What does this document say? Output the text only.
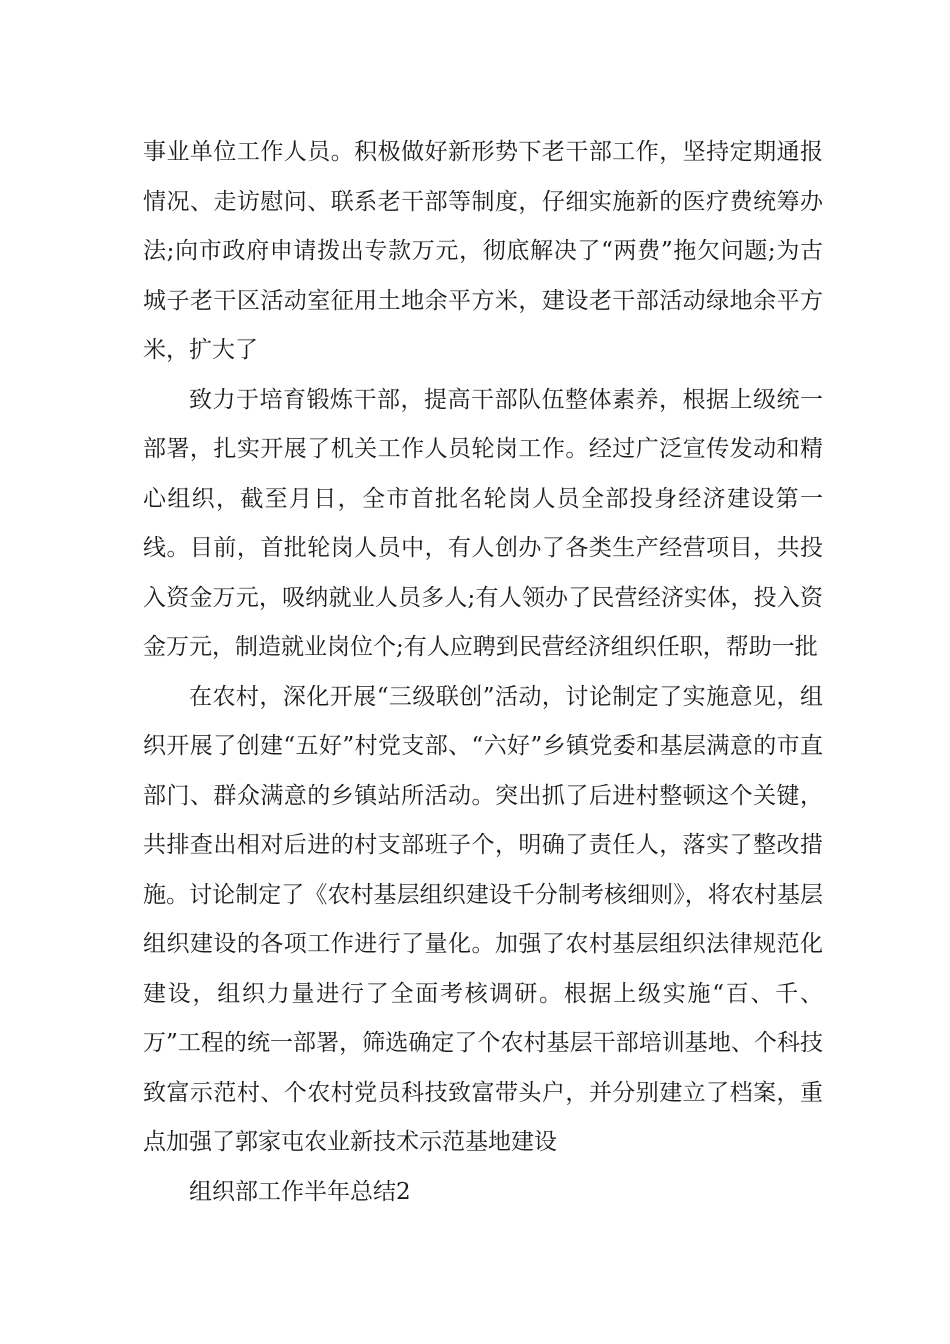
事业单位工作人员。积极做好新形势下老干部工作，坚持定期通报情况、走访慰问、联系老干部等制度，仔细实施新的医疗费统筹办法;向市政府申请拨出专款万元，彻底解决了“两费”拖欠问题;为古城子老干区活动室征用土地余平方米，建设老干部活动绿地余平方米，扩大了

致力于培育锻炼干部，提高干部队伍整体素养，根据上级统一部署，扎实开展了机关工作人员轮岗工作。经过广泛宣传发动和精心组织，截至月日，全市首批名轮岗人员全部投身经济建设第一线。目前，首批轮岗人员中，有人创办了各类生产经营项目，共投入资金万元，吸纳就业人员多人;有人领办了民营经济实体，投入资金万元，制造就业岗位个;有人应聘到民营经济组织任职，帮助一批

在农村，深化开展“三级联创”活动，讨论制定了实施意见，组织开展了创建“五好”村党支部、“六好”乡镇党委和基层满意的市直部门、群众满意的乡镇站所活动。突出抓了后进村整顿这个关键，共排查出相对后进的村支部班子个，明确了责任人，落实了整改措施。讨论制定了《农村基层组织建设千分制考核细则》，将农村基层组织建设的各项工作进行了量化。加强了农村基层组织法律规范化建设，组织力量进行了全面考核调研。根据上级实施“百、千、万”工程的统一部署，筛选确定了个农村基层干部培训基地、个科技致富示范村、个农村党员科技致富带头户，并分别建立了档案，重点加强了郭家屯农业新技术示范基地建设

组织部工作半年总结2
